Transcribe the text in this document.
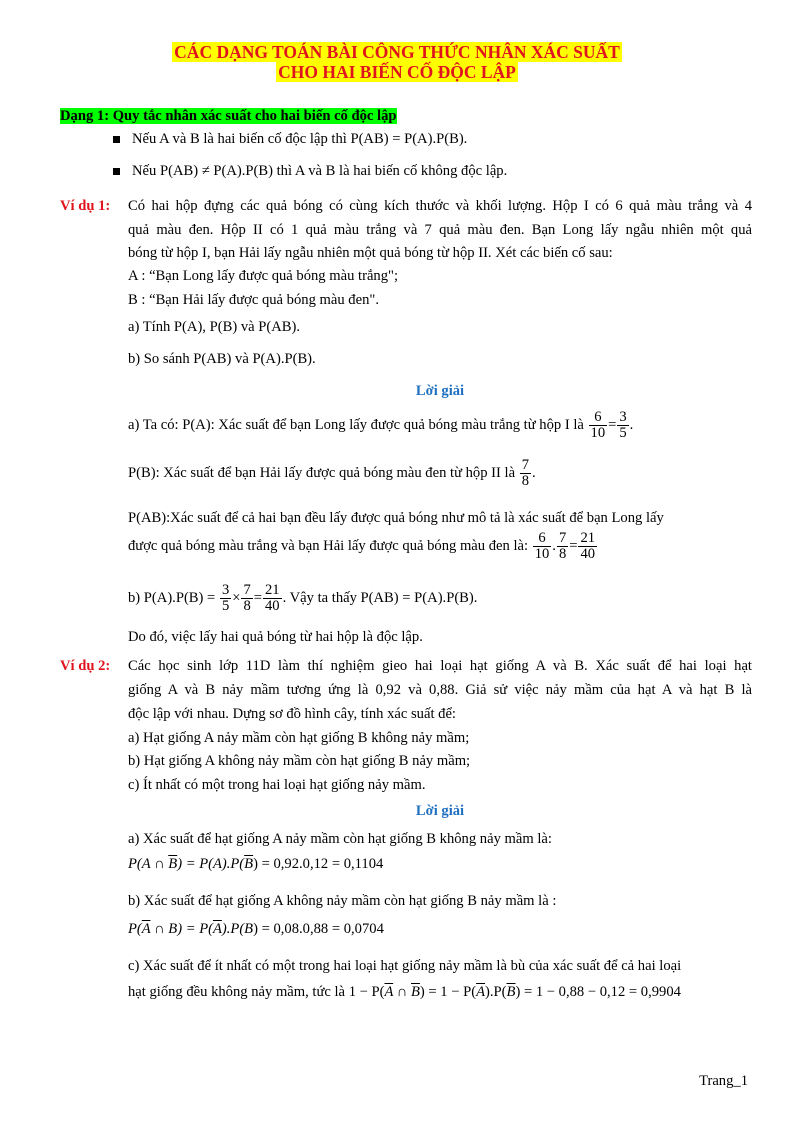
CÁC DẠNG TOÁN BÀI CÔNG THỨC NHÂN XÁC SUẤT
CHO HAI BIẾN CỐ ĐỘC LẬP
Dạng 1: Quy tắc nhân xác suất cho hai biến cố độc lập
Nếu A và B là hai biến cố độc lập thì P(AB) = P(A).P(B).
Nếu P(AB) ≠ P(A).P(B) thì A và B là hai biến cố không độc lập.
Ví dụ 1: Có hai hộp đựng các quả bóng có cùng kích thước và khối lượng. Hộp I có 6 quả màu trắng và 4
quả màu đen. Hộp II có 1 quả màu trắng và 7 quả màu đen. Bạn Long lấy ngẫu nhiên một quả
bóng từ hộp I, bạn Hải lấy ngẫu nhiên một quả bóng từ hộp II. Xét các biến cố sau:
A : “Bạn Long lấy được quả bóng màu trắng";
B : “Bạn Hải lấy được quả bóng màu đen".
a) Tính P(A), P(B) và P(AB).
b) So sánh P(AB) và P(A).P(B).
Lời giải
a) Ta có: P(A): Xác suất để bạn Long lấy được quả bóng màu trắng từ hộp I là $\frac{6}{10} = \frac{3}{5}$ .
P(B): Xác suất để bạn Hải lấy được quả bóng màu đen từ hộp II là $\frac{7}{8}$ .
P(AB):Xác suất để cả hai bạn đều lấy được quả bóng như mô tả là xác suất để bạn Long lấy
được quả bóng màu trắng và bạn Hải lấy được quả bóng màu đen là: $\frac{6}{10}$ . $\frac{7}{8} = \frac{21}{40}$
b) $P(A).P(B) = \frac{3}{5} \times \frac{7}{8} = \frac{21}{40}$ . Vậy ta thấy P(AB) = P(A).P(B).
Do đó, việc lấy hai quả bóng từ hai hộp là độc lập.
Ví dụ 2: Các học sinh lớp 11D làm thí nghiệm gieo hai loại hạt giống A và B. Xác suất để hai loại hạt
giống A và B nảy mầm tương ứng là 0,92 và 0,88. Giả sử việc nảy mầm của hạt A và hạt B là
độc lập với nhau. Dựng sơ đồ hình cây, tính xác suất để:
a) Hạt giống A nảy mầm còn hạt giống B không nảy mầm;
b) Hạt giống A không nảy mầm còn hạt giống B nảy mầm;
c) Ít nhất có một trong hai loại hạt giống nảy mầm.
Lời giải
a) Xác suất để hạt giống A nảy mầm còn hạt giống B không nảy mầm là:
P(A ∩ $\overline{B}) = P(A).P(\overline{B}) = 0,92.0,12 = 0,1104$
b) Xác suất để hạt giống A không nảy mầm còn hạt giống B nảy mầm là :
$P(\overline{A}$ ∩ $B) = P(\overline{A}).P(B) = 0,08.0,88 = 0,0704$
c) Xác suất để ít nhất có một trong hai loại hạt giống nảy mầm là bù của xác suất để cả hai loại
hạt giống đều không nảy mầm, tức là $1 - P(\overline{A}$ ∩ $\overline{B}) = 1 - P(\overline{A}).P(\overline{B}) = 1 - 0,88 - 0,12 = 0,9904$
Trang_1
